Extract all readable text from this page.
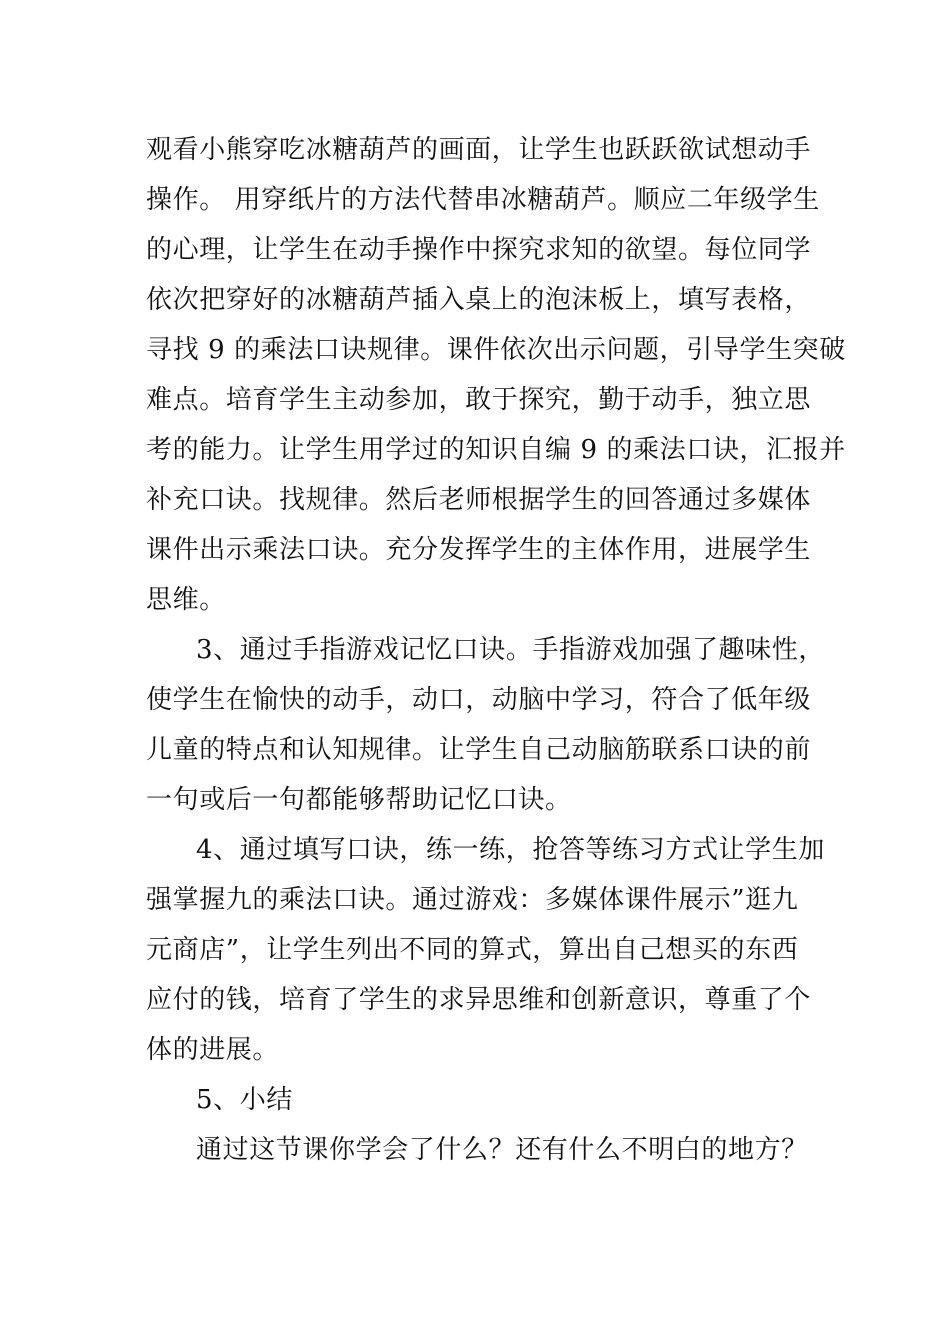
观看小熊穿吃冰糖葫芦的画面，让学生也跃跃欲试想动手
操作。 用穿纸片的方法代替串冰糖葫芦。顺应二年级学生
的心理，让学生在动手操作中探究求知的欲望。每位同学
依次把穿好的冰糖葫芦插入桌上的泡沫板上，填写表格，
寻找 9 的乘法口诀规律。课件依次出示问题，引导学生突破
难点。培育学生主动参加，敢于探究，勤于动手，独立思
考的能力。让学生用学过的知识自编 9 的乘法口诀，汇报并
补充口诀。找规律。然后老师根据学生的回答通过多媒体
课件出示乘法口诀。充分发挥学生的主体作用，进展学生
思维。
3、通过手指游戏记忆口诀。手指游戏加强了趣味性，
使学生在愉快的动手，动口，动脑中学习，符合了低年级
儿童的特点和认知规律。让学生自己动脑筋联系口诀的前
一句或后一句都能够帮助记忆口诀。
4、通过填写口诀，练一练，抢答等练习方式让学生加
强掌握九的乘法口诀。通过游戏：多媒体课件展示”逛九
元商店”，让学生列出不同的算式，算出自己想买的东西
应付的钱，培育了学生的求异思维和创新意识，尊重了个
体的进展。
5、小结
通过这节课你学会了什么？还有什么不明白的地方？
